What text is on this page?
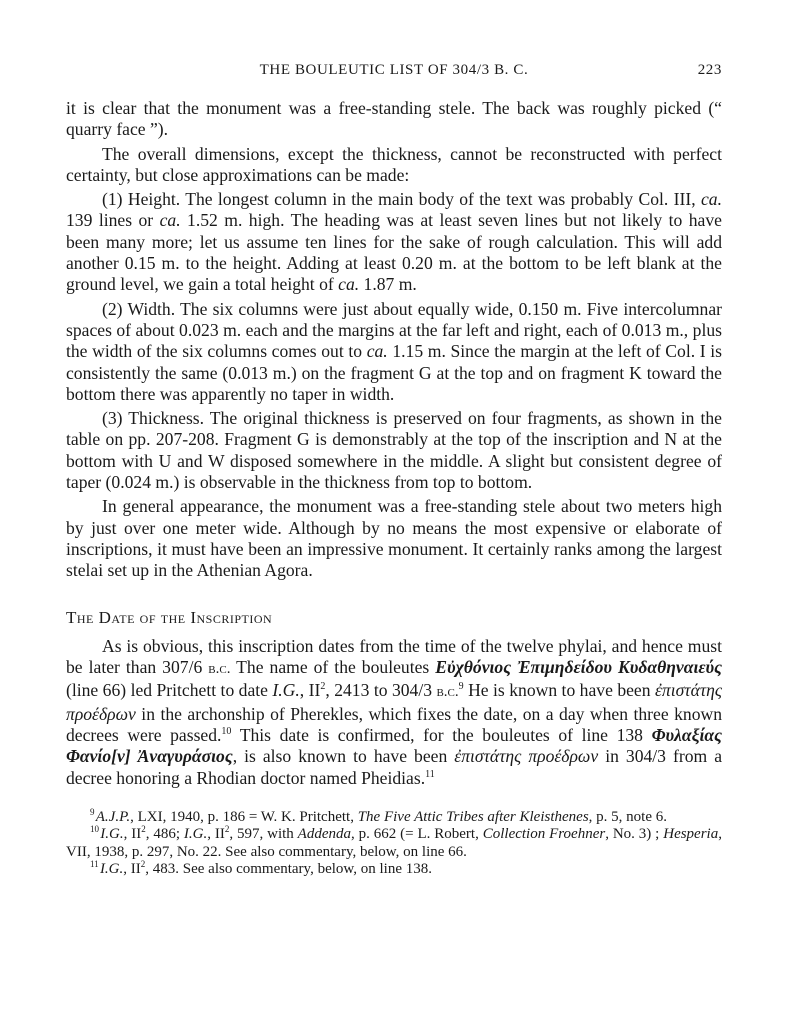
THE BOULEUTIC LIST OF 304/3 B. C.	223

it is clear that the monument was a free-standing stele. The back was roughly picked (“ quarry face ”).

The overall dimensions, except the thickness, cannot be reconstructed with perfect certainty, but close approximations can be made:

(1) Height. The longest column in the main body of the text was probably Col. III, ca. 139 lines or ca. 1.52 m. high. The heading was at least seven lines but not likely to have been many more; let us assume ten lines for the sake of rough calculation. This will add another 0.15 m. to the height. Adding at least 0.20 m. at the bottom to be left blank at the ground level, we gain a total height of ca. 1.87 m.

(2) Width. The six columns were just about equally wide, 0.150 m. Five intercolumnar spaces of about 0.023 m. each and the margins at the far left and right, each of 0.013 m., plus the width of the six columns comes out to ca. 1.15 m. Since the margin at the left of Col. I is consistently the same (0.013 m.) on the fragment G at the top and on fragment K toward the bottom there was apparently no taper in width.

(3) Thickness. The original thickness is preserved on four fragments, as shown in the table on pp. 207-208. Fragment G is demonstrably at the top of the inscription and N at the bottom with U and W disposed somewhere in the middle. A slight but consistent degree of taper (0.024 m.) is observable in the thickness from top to bottom.

In general appearance, the monument was a free-standing stele about two meters high by just over one meter wide. Although by no means the most expensive or elaborate of inscriptions, it must have been an impressive monument. It certainly ranks among the largest stelai set up in the Athenian Agora.

The Date of the Inscription

As is obvious, this inscription dates from the time of the twelve phylai, and hence must be later than 307/6 b.c. The name of the bouleutes Εὐχθόνιος Ἐπιμηδείδου Κυδαθηναιεύς (line 66) led Pritchett to date I.G., $II^2$, 2413 to 304/3 b.c.$^9$ He is known to have been ἐπιστάτης προέδρων in the archonship of Pherekles, which fixes the date, on a day when three known decrees were passed.$^{10}$ This date is confirmed, for the bouleutes of line 138 Φυλαξίας Φανίο[ν] Ἀναγυράσιος, is also known to have been ἐπιστάτης προέδρων in 304/3 from a decree honoring a Rhodian doctor named Pheidias.$^{11}$

$^9$ A.J.P., LXI, 1940, p. 186 = W. K. Pritchett, The Five Attic Tribes after Kleisthenes, p. 5, note 6.

$^{10}$ I.G., $II^2$, 486; I.G., $II^2$, 597, with Addenda, p. 662 (= L. Robert, Collection Froehner, No. 3) ; Hesperia, VII, 1938, p. 297, No. 22. See also commentary, below, on line 66.

$^{11}$ I.G., $II^2$, 483. See also commentary, below, on line 138.
